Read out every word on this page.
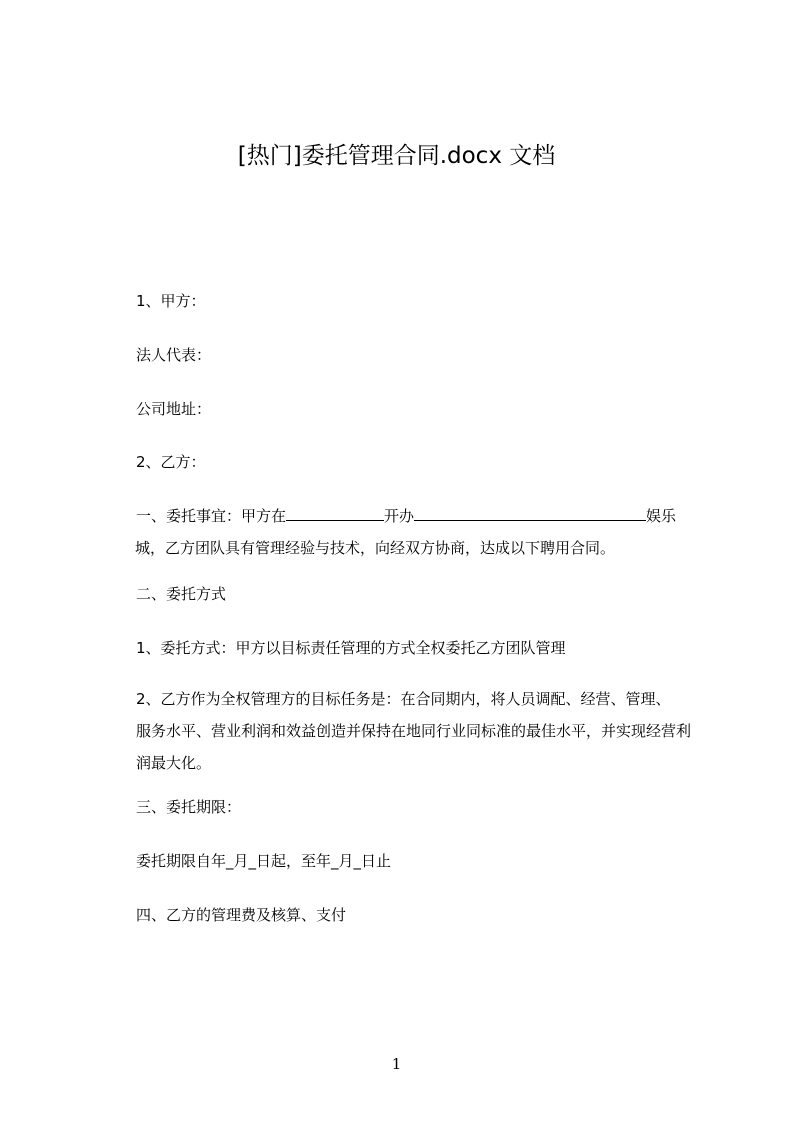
[热门]委托管理合同.docx 文档
1、甲方：
法人代表：
公司地址：
2、乙方：
一、委托事宜：甲方在	开办	娱乐
城，乙方团队具有管理经验与技术，向经双方协商，达成以下聘用合同。
二、委托方式
1、委托方式：甲方以目标责任管理的方式全权委托乙方团队管理
2、乙方作为全权管理方的目标任务是：在合同期内，将人员调配、经营、管理、
服务水平、营业利润和效益创造并保持在地同行业同标准的最佳水平，并实现经营利
润最大化。
三、委托期限：
委托期限自年_月_日起，至年_月_日止
四、乙方的管理费及核算、支付
1
